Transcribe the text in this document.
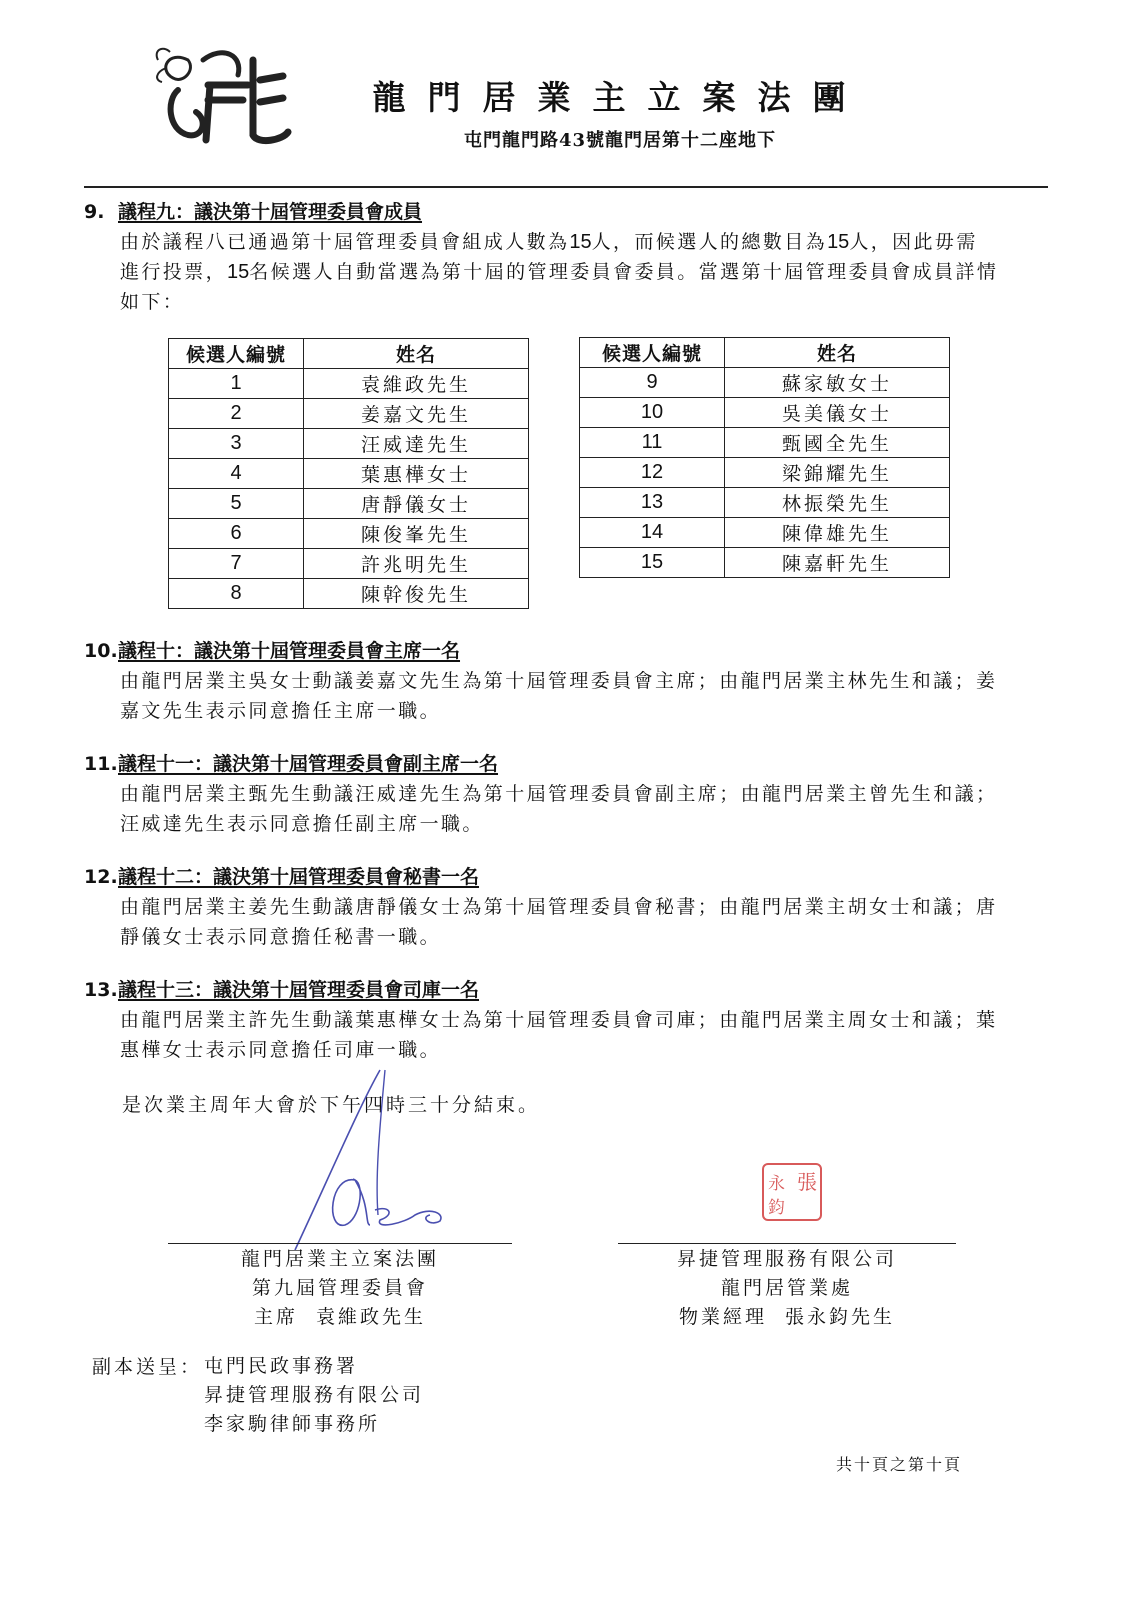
龍門居業主立案法團
屯門龍門路43號龍門居第十二座地下
9. 議程九：議決第十屆管理委員會成員
由於議程八已通過第十屆管理委員會組成人數為15人，而候選人的總數目為15人，因此毋需
進行投票，15名候選人自動當選為第十屆的管理委員會委員。當選第十屆管理委員會成員詳情
如下：
候選人編號	姓名
1	袁維政先生
2	姜嘉文先生
3	汪威達先生
4	葉惠樺女士
5	唐靜儀女士
6	陳俊峯先生
7	許兆明先生
8	陳幹俊先生
候選人編號	姓名
9	蘇家敏女士
10	吳美儀女士
11	甄國全先生
12	梁錦耀先生
13	林振榮先生
14	陳偉雄先生
15	陳嘉軒先生
10.議程十：議決第十屆管理委員會主席一名
由龍門居業主吳女士動議姜嘉文先生為第十屆管理委員會主席；由龍門居業主林先生和議；姜
嘉文先生表示同意擔任主席一職。
11.議程十一：議決第十屆管理委員會副主席一名
由龍門居業主甄先生動議汪威達先生為第十屆管理委員會副主席；由龍門居業主曾先生和議；
汪威達先生表示同意擔任副主席一職。
12.議程十二：議決第十屆管理委員會秘書一名
由龍門居業主姜先生動議唐靜儀女士為第十屆管理委員會秘書；由龍門居業主胡女士和議；唐
靜儀女士表示同意擔任秘書一職。
13.議程十三：議決第十屆管理委員會司庫一名
由龍門居業主許先生動議葉惠樺女士為第十屆管理委員會司庫；由龍門居業主周女士和議；葉
惠樺女士表示同意擔任司庫一職。
是次業主周年大會於下午四時三十分結束。
張
永
鈞
龍門居業主立案法團
第九屆管理委員會
主席  袁維政先生
昇捷管理服務有限公司
龍門居管業處
物業經理  張永鈞先生
副本送呈： 屯門民政事務署
昇捷管理服務有限公司
李家駒律師事務所
共十頁之第十頁
